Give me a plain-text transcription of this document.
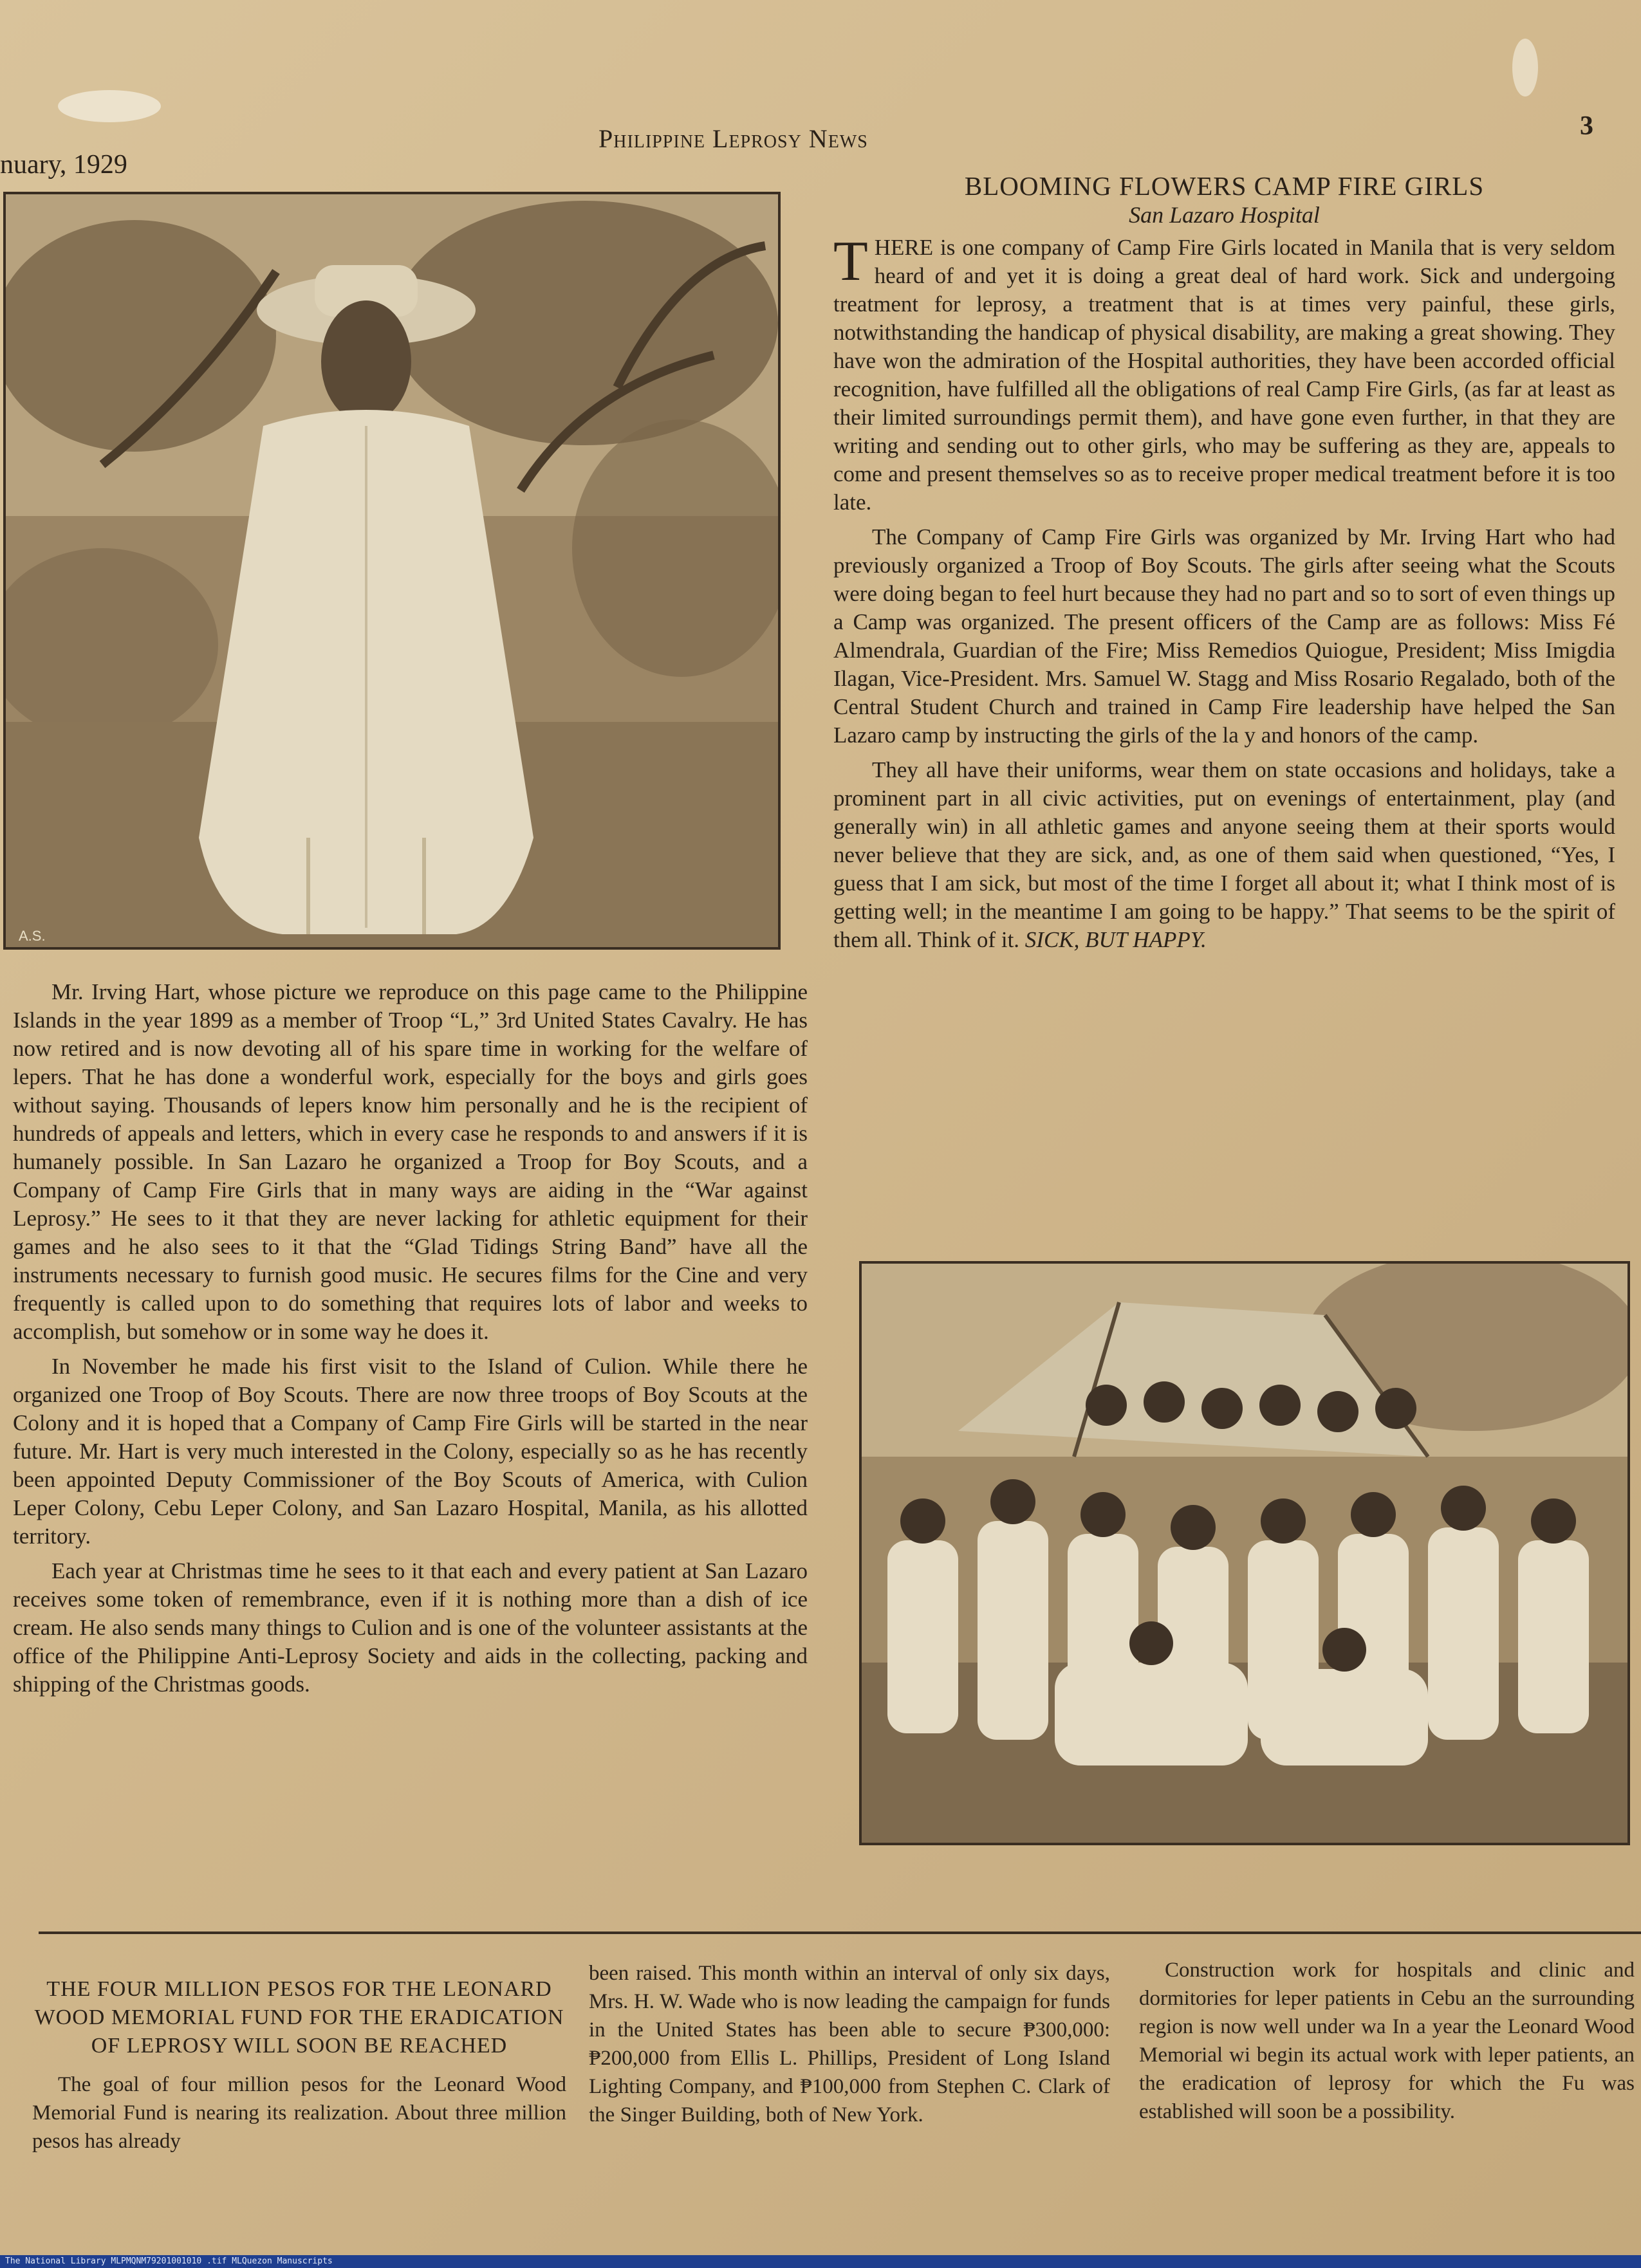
nuary, 1929
Philippine Leprosy News	3
A.S.

Mr. Irving Hart, whose picture we reproduce on this page came to the Philippine Islands in the year 1899 as a member of Troop “L,” 3rd United States Cavalry. He has now retired and is now devoting all of his spare time in working for the welfare of lepers. That he has done a wonderful work, especially for the boys and girls goes without saying. Thousands of lepers know him personally and he is the recipient of hundreds of appeals and letters, which in every case he responds to and answers if it is humanely possible. In San Lazaro he organized a Troop for Boy Scouts, and a Company of Camp Fire Girls that in many ways are aiding in the “War against Leprosy.” He sees to it that they are never lacking for athletic equipment for their games and he also sees to it that the “Glad Tidings String Band” have all the instruments necessary to furnish good music. He secures films for the Cine and very frequently is called upon to do something that requires lots of labor and weeks to accomplish, but somehow or in some way he does it.

In November he made his first visit to the Island of Culion. While there he organized one Troop of Boy Scouts. There are now three troops of Boy Scouts at the Colony and it is hoped that a Company of Camp Fire Girls will be started in the near future. Mr. Hart is very much interested in the Colony, especially so as he has recently been appointed Deputy Commissioner of the Boy Scouts of America, with Culion Leper Colony, Cebu Leper Colony, and San Lazaro Hospital, Manila, as his allotted territory.

Each year at Christmas time he sees to it that each and every patient at San Lazaro receives some token of remembrance, even if it is nothing more than a dish of ice cream. He also sends many things to Culion and is one of the volunteer assistants at the office of the Philippine Anti-Leprosy Society and aids in the collecting, packing and shipping of the Christmas goods.

BLOOMING FLOWERS CAMP FIRE GIRLS
San Lazaro Hospital

THERE is one company of Camp Fire Girls located in Manila that is very seldom heard of and yet it is doing a great deal of hard work. Sick and undergoing treatment for leprosy, a treatment that is at times very painful, these girls, notwithstanding the handicap of physical disability, are making a great showing. They have won the admiration of the Hospital authorities, they have been accorded official recognition, have fulfilled all the obligations of real Camp Fire Girls, (as far at least as their limited surroundings permit them), and have gone even further, in that they are writing and sending out to other girls, who may be suffering as they are, appeals to come and present themselves so as to receive proper medical treatment before it is too late.

The Company of Camp Fire Girls was organized by Mr. Irving Hart who had previously organized a Troop of Boy Scouts. The girls after seeing what the Scouts were doing began to feel hurt because they had no part and so to sort of even things up a Camp was organized. The present officers of the Camp are as follows: Miss Fé Almendrala, Guardian of the Fire; Miss Remedios Quiogue, President; Miss Imigdia Ilagan, Vice-President. Mrs. Samuel W. Stagg and Miss Rosario Regalado, both of the Central Student Church and trained in Camp Fire leadership have helped the San Lazaro camp by instructing the girls of the la y and honors of the camp.

They all have their uniforms, wear them on state occasions and holidays, take a prominent part in all civic activities, put on evenings of entertainment, play (and generally win) in all athletic games and anyone seeing them at their sports would never believe that they are sick, and, as one of them said when questioned, “Yes, I guess that I am sick, but most of the time I forget all about it; what I think most of is getting well; in the meantime I am going to be happy.” That seems to be the spirit of them all. Think of it. SICK, BUT HAPPY.

THE FOUR MILLION PESOS FOR THE LEONARD WOOD MEMORIAL FUND FOR THE ERADICATION OF LEPROSY WILL SOON BE REACHED

The goal of four million pesos for the Leonard Wood Memorial Fund is nearing its realization. About three million pesos has already

been raised. This month within an interval of only six days, Mrs. H. W. Wade who is now leading the campaign for funds in the United States has been able to secure ₱300,000: ₱200,000 from Ellis L. Phillips, President of Long Island Lighting Company, and ₱100,000 from Stephen C. Clark of the Singer Building, both of New York.

Construction work for hospitals and clinic and dormitories for leper patients in Cebu an the surrounding region is now well under wa In a year the Leonard Wood Memorial wi begin its actual work with leper patients, an the eradication of leprosy for which the Fu was established will soon be a possibility.

The National Library MLPMQNM79201001010 .tif MLQuezon Manuscripts
